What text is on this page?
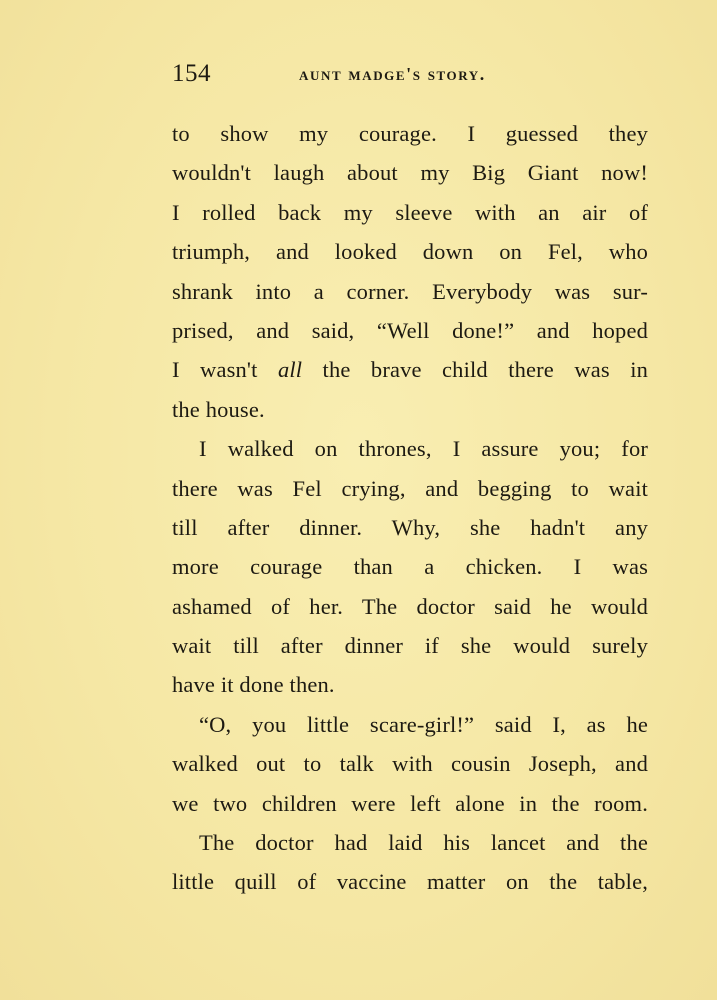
154	aunt madge's story.
to show my courage. I guessed they
wouldn't laugh about my Big Giant now!
I rolled back my sleeve with an air of
triumph, and looked down on Fel, who
shrank into a corner. Everybody was sur-
prised, and said, “Well done!” and hoped
I wasn't all the brave child there was in
the house.
I walked on thrones, I assure you; for
there was Fel crying, and begging to wait
till after dinner. Why, she hadn't any
more courage than a chicken. I was
ashamed of her. The doctor said he would
wait till after dinner if she would surely
have it done then.
“O, you little scare-girl!” said I, as he
walked out to talk with cousin Joseph, and
we two children were left alone in the room.
The doctor had laid his lancet and the
little quill of vaccine matter on the table,
